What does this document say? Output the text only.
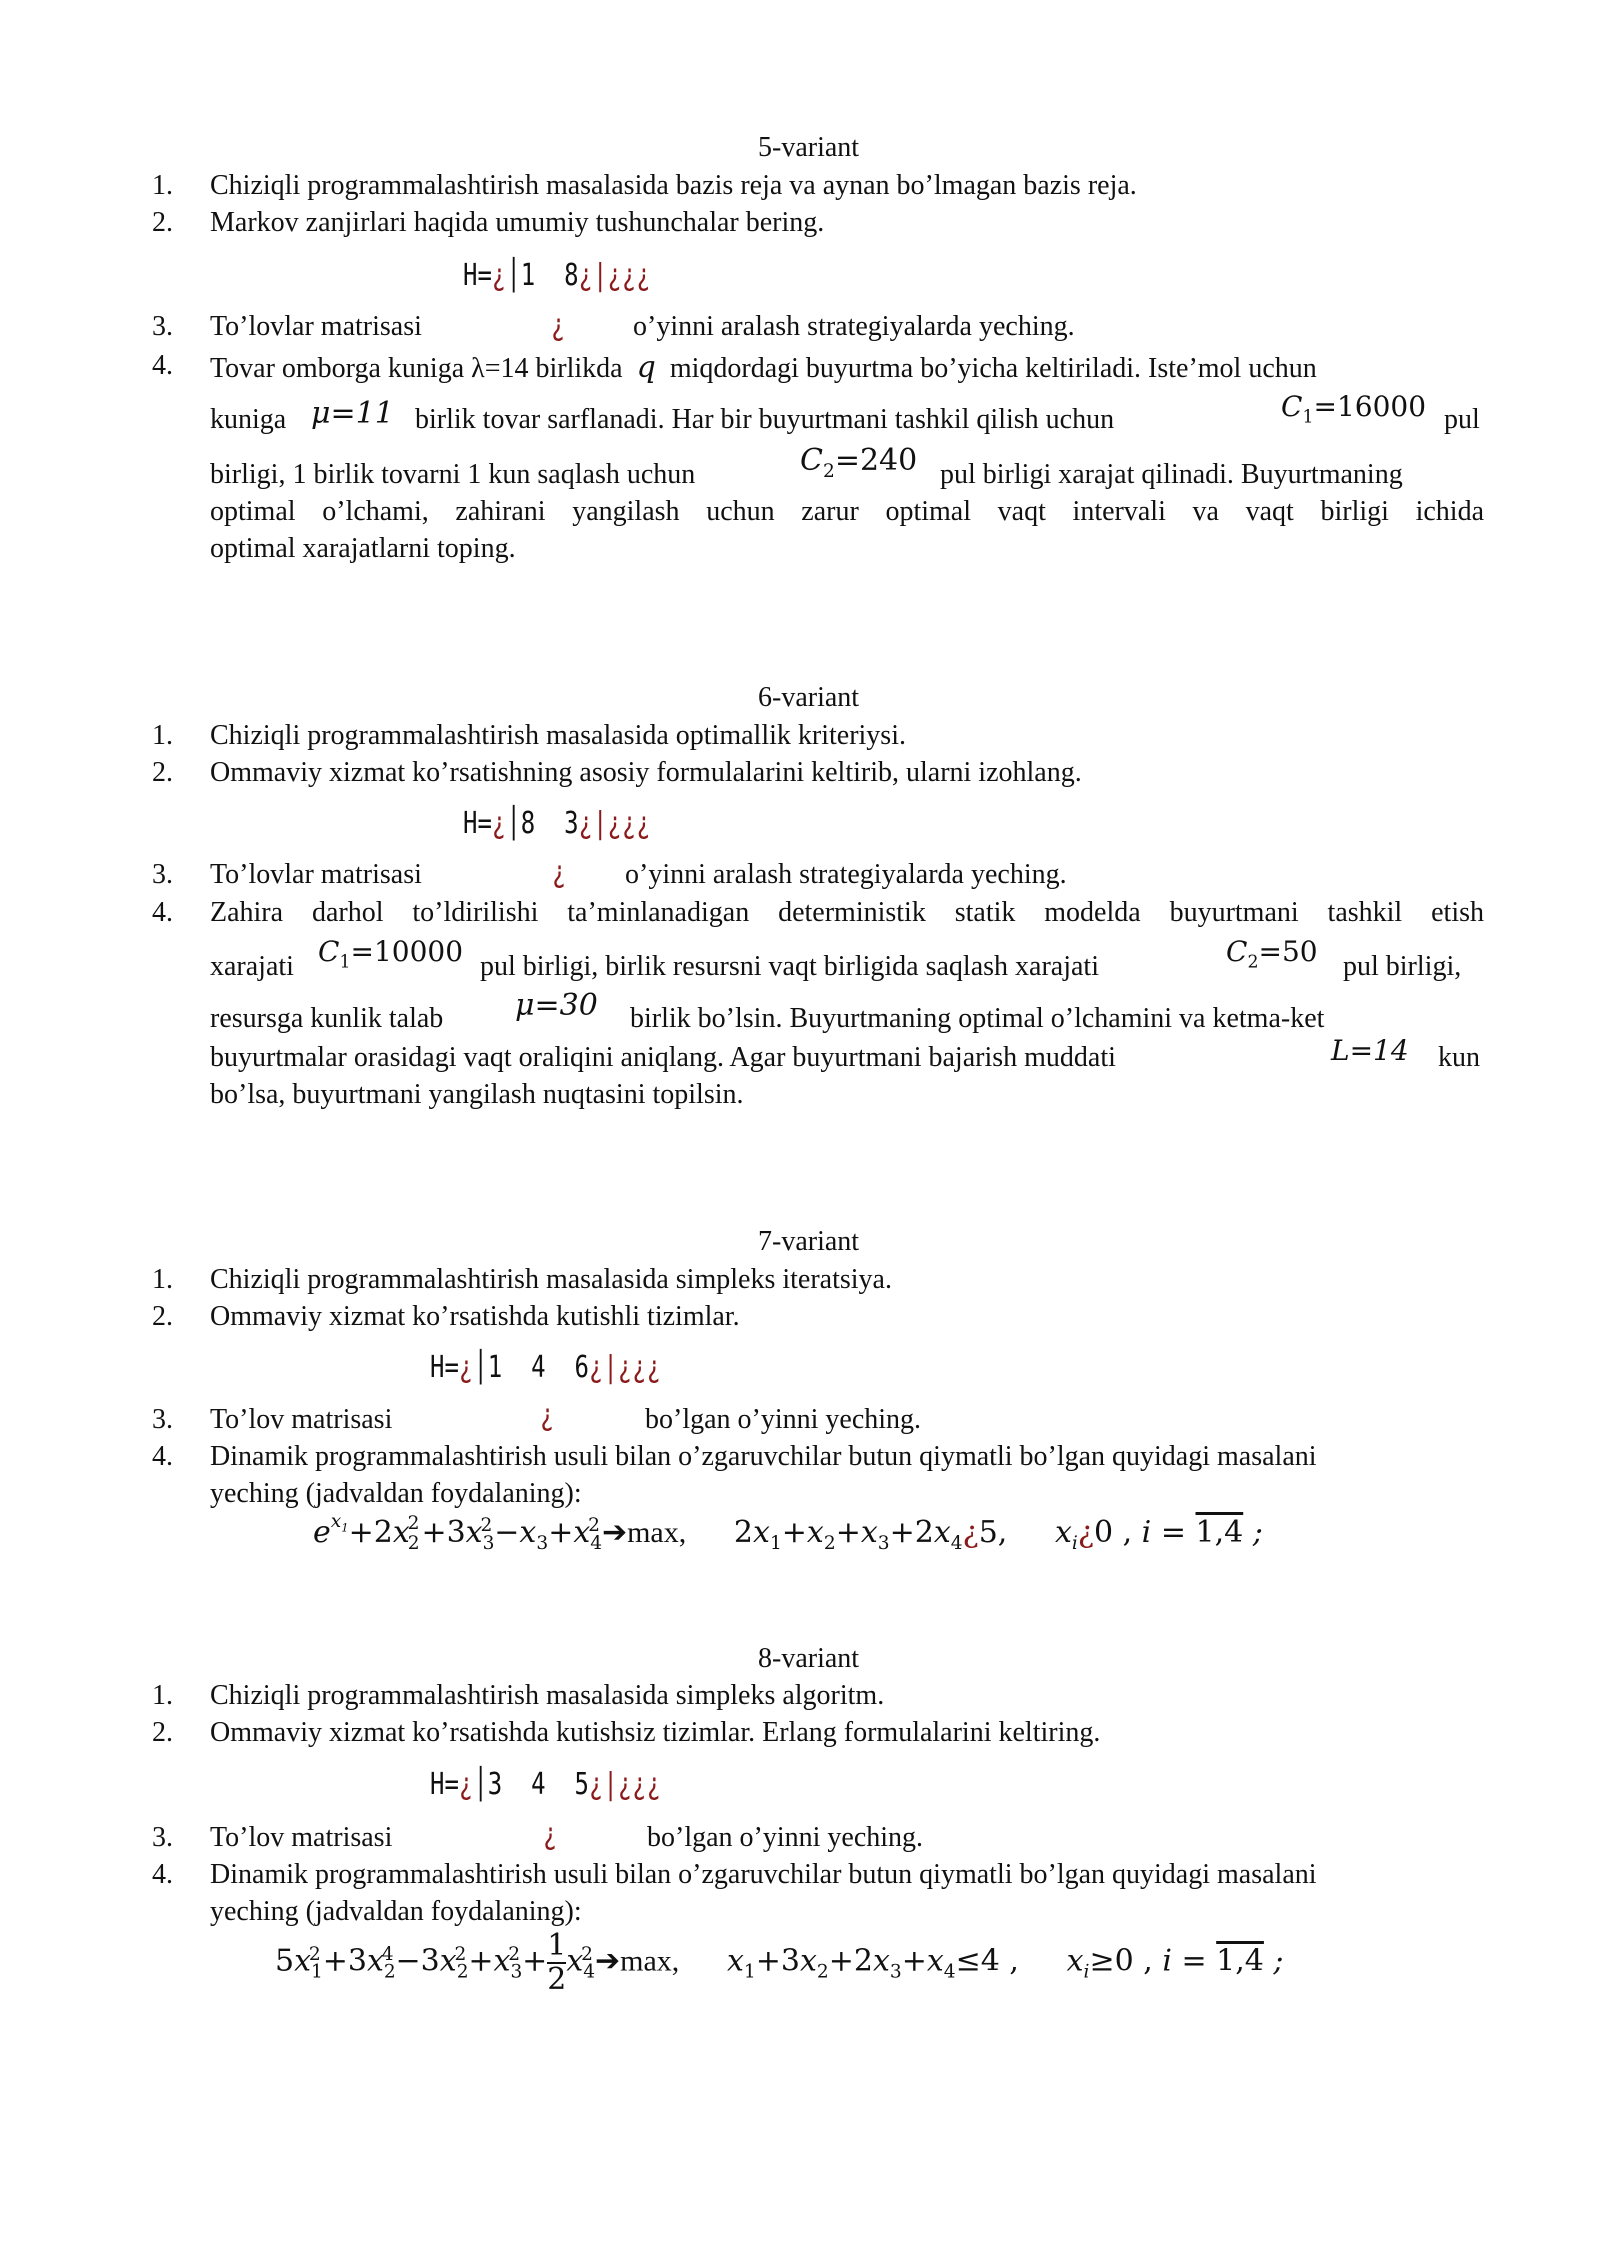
5-variant
1. Chiziqli programmalashtirish masalasida bazis reja va aynan bo’lmagan bazis reja.
2. Markov zanjirlari haqida umumiy tushunchalar bering.
H=¿│1 8¿|¿¿¿
¿
3. To’lovlar matrisasi	o’yinni aralash strategiyalarda yeching.
4. Tovar omborga kuniga λ=14 birlikda q miqdordagi buyurtma bo’yicha keltiriladi. Iste’mol uchun
kuniga μ=11 birlik tovar sarflanadi. Har bir buyurtmani tashkil qilish uchun	$C_1=16000$ pul
birligi, 1 birlik tovarni 1 kun saqlash uchun	$C_2=240$ pul birligi xarajat qilinadi. Buyurtmaning
optimal o’lchami, zahirani yangilash uchun zarur optimal vaqt intervali va vaqt birligi ichida
optimal xarajatlarni toping.
6-variant
1. Chiziqli programmalashtirish masalasida optimallik kriteriysi.
2. Ommaviy xizmat ko’rsatishning asosiy formulalarini keltirib, ularni izohlang.
H=¿│8 3¿|¿¿¿
¿
3. To’lovlar matrisasi	o’yinni aralash strategiyalarda yeching.
4. Zahira darhol to’ldirilishi ta’minlanadigan deterministik statik modelda buyurtmani tashkil etish
xarajati $C_1=10000$ pul birligi, birlik resursni vaqt birligida saqlash xarajati	$C_2=50$ pul birligi,
resursga kunlik talab μ=30 birlik bo’lsin. Buyurtmaning optimal o’lchamini va ketma-ket
buyurtmalar orasidagi vaqt oraliqini aniqlang. Agar buyurtmani bajarish muddati	L=14 kun
bo’lsa, buyurtmani yangilash nuqtasini topilsin.
7-variant
1. Chiziqli programmalashtirish masalasida simpleks iteratsiya.
2. Ommaviy xizmat ko’rsatishda kutishli tizimlar.
H=¿│1 4 6¿|¿¿¿
¿
3. To’lov matrisasi	bo’lgan o’yinni yeching.
4. Dinamik programmalashtirish usuli bilan o’zgaruvchilar butun qiymatli bo’lgan quyidagi masalani
yeching (jadvaldan foydalaning):
$e^{x_1}+2x_2^2+3x_3^2-x_3+x_4^2➔\max$, $2x_1+x_2+x_3+2x_4¿5$, $x_i¿0$ , i = 1,4 ;
8-variant
1. Chiziqli programmalashtirish masalasida simpleks algoritm.
2. Ommaviy xizmat ko’rsatishda kutishsiz tizimlar. Erlang formulalarini keltiring.
H=¿│3 4 5¿|¿¿¿
¿
3. To’lov matrisasi	bo’lgan o’yinni yeching.
4. Dinamik programmalashtirish usuli bilan o’zgaruvchilar butun qiymatli bo’lgan quyidagi masalani
yeching (jadvaldan foydalaning):
$5x_1^2+3x_2^4-3x_2^2+x_3^2+ \frac{1}{2}$ $x_4^2➔\max$, $x_1+3x_2+2x_3+x_4\le 4$ , $x_i\ge 0$ , i = 1,4 ;
